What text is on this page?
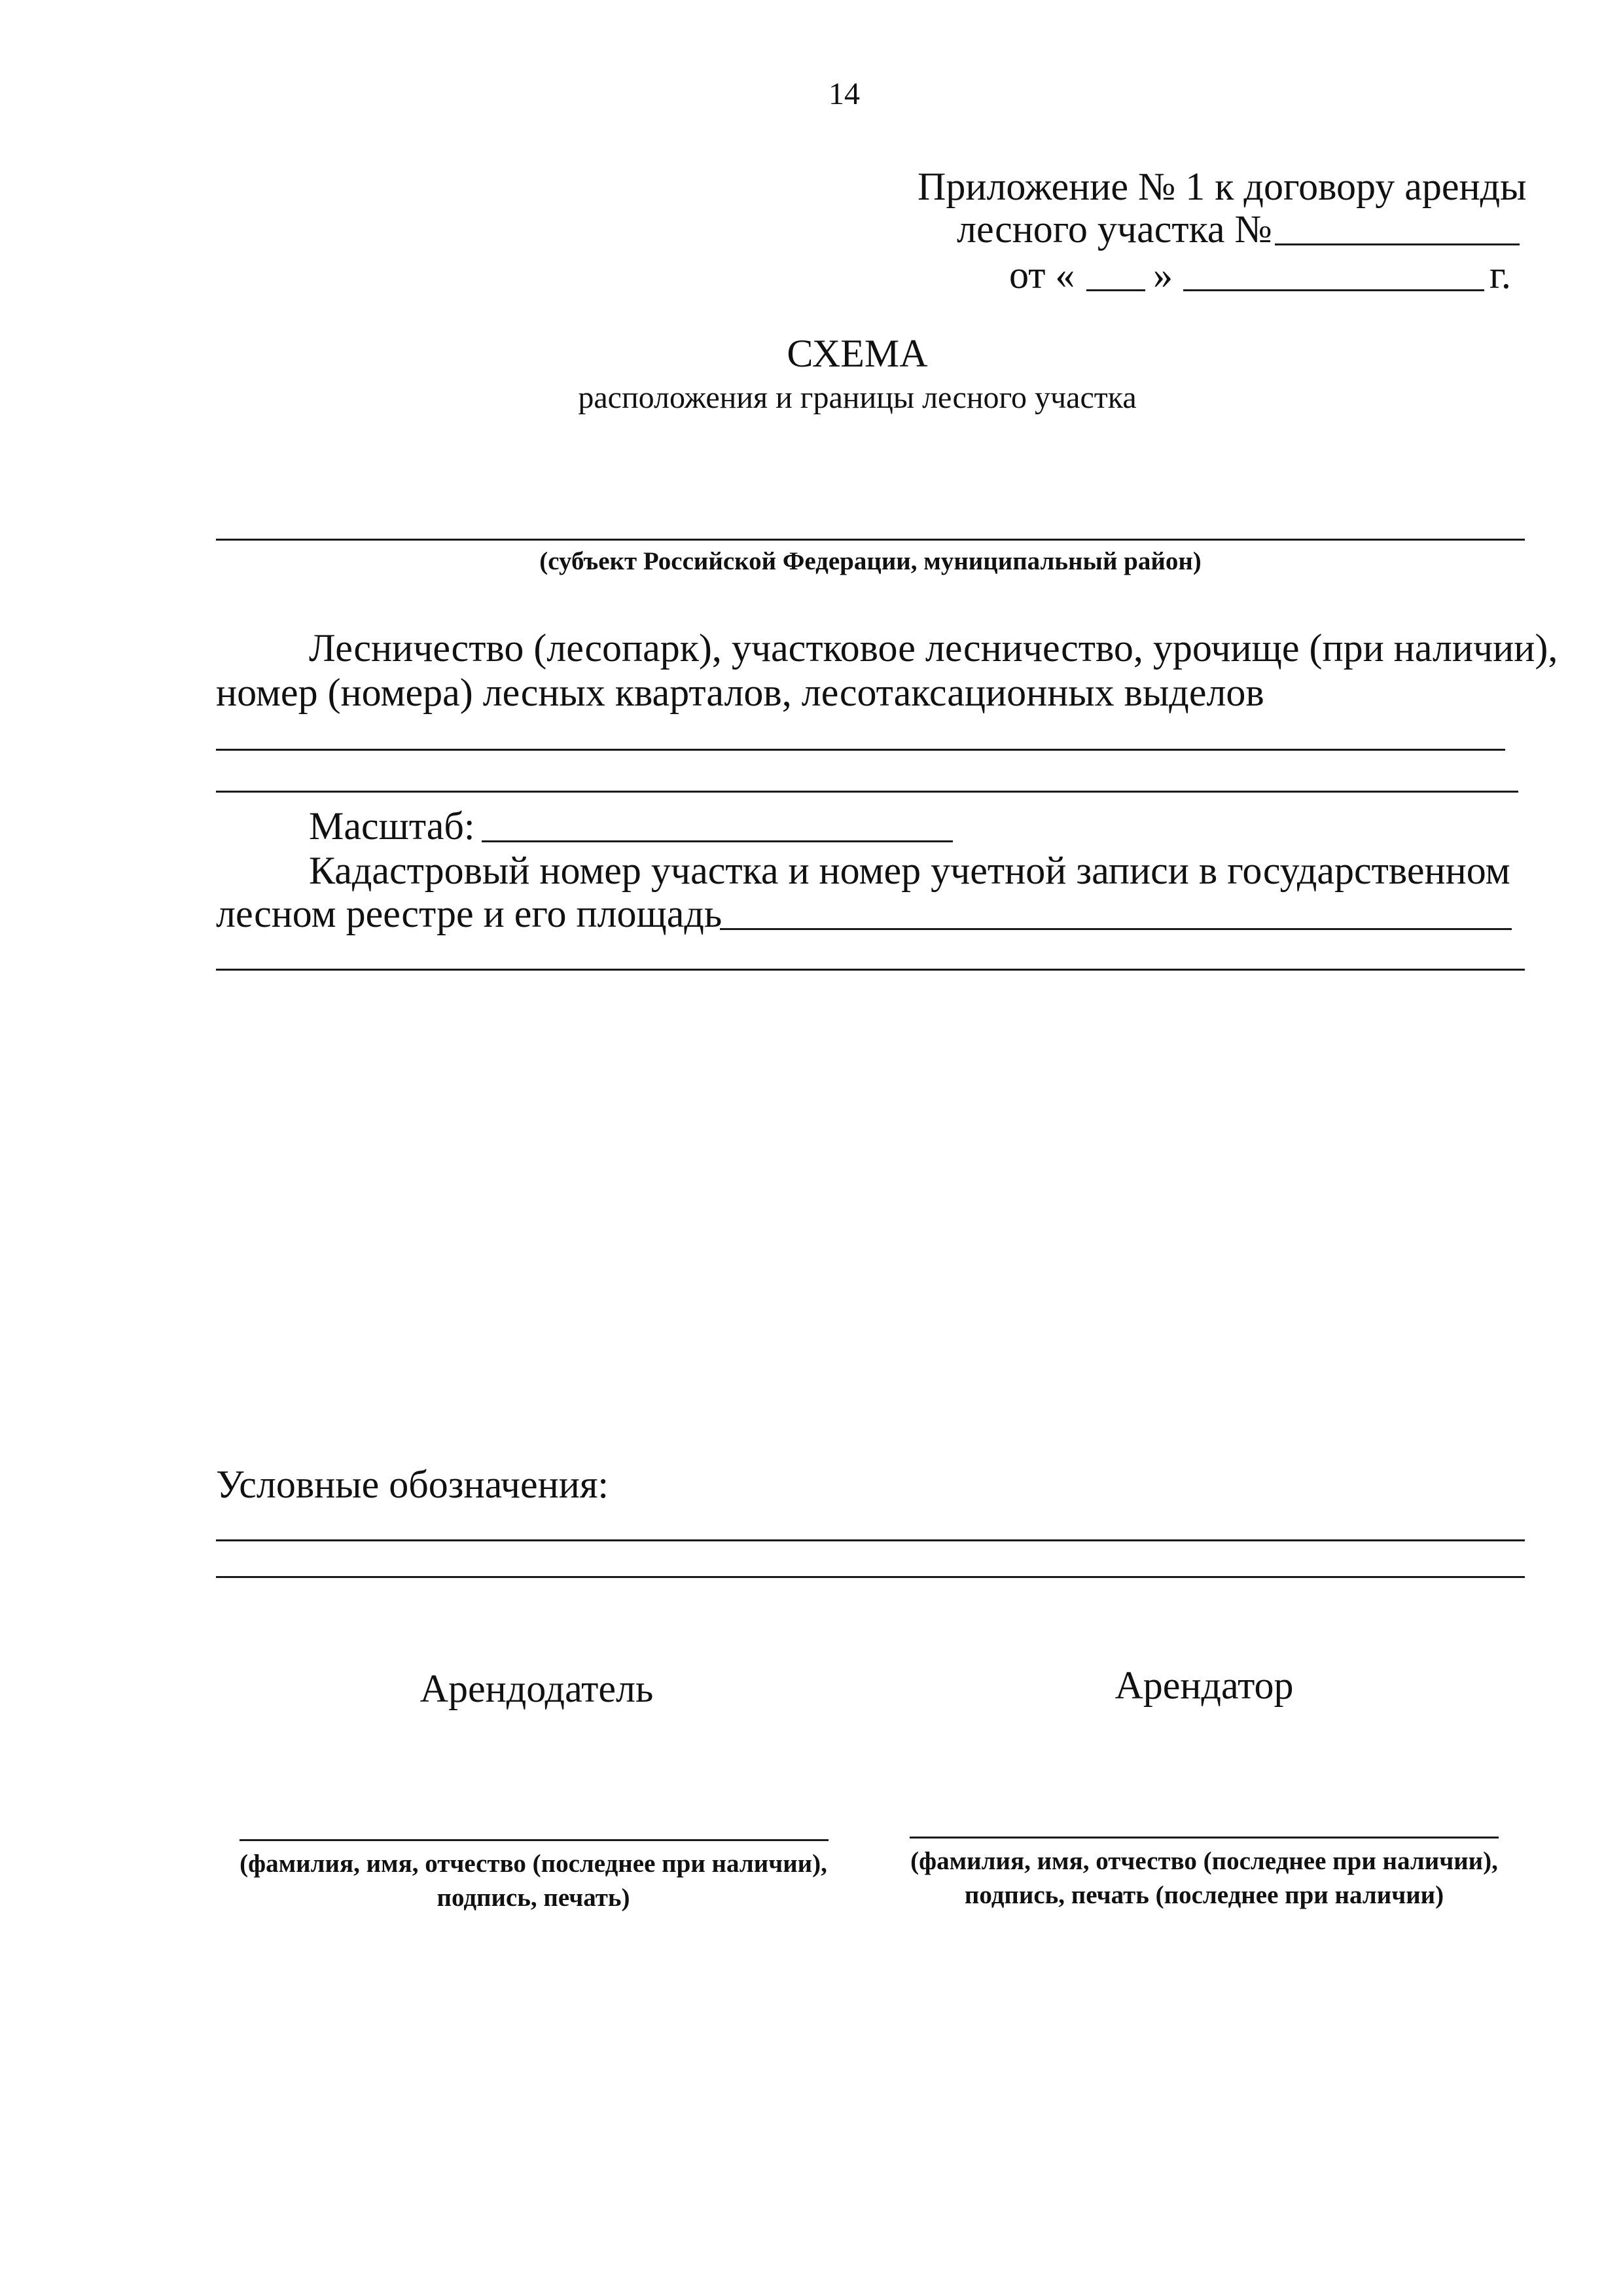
14
Приложение № 1 к договору аренды
лесного участка №
от « »	г.
СХЕМА
расположения и границы лесного участка
(субъект Российской Федерации, муниципальный район)
Лесничество (лесопарк), участковое лесничество, урочище (при наличии),
номер (номера) лесных кварталов, лесотаксационных выделов
Масштаб:
Кадастровый номер участка и номер учетной записи в государственном
лесном реестре и его площадь
Условные обозначения:
Арендодатель	Арендатор
(фамилия, имя, отчество (последнее при наличии),
подпись, печать)
(фамилия, имя, отчество (последнее при наличии),
подпись, печать (последнее при наличии)
